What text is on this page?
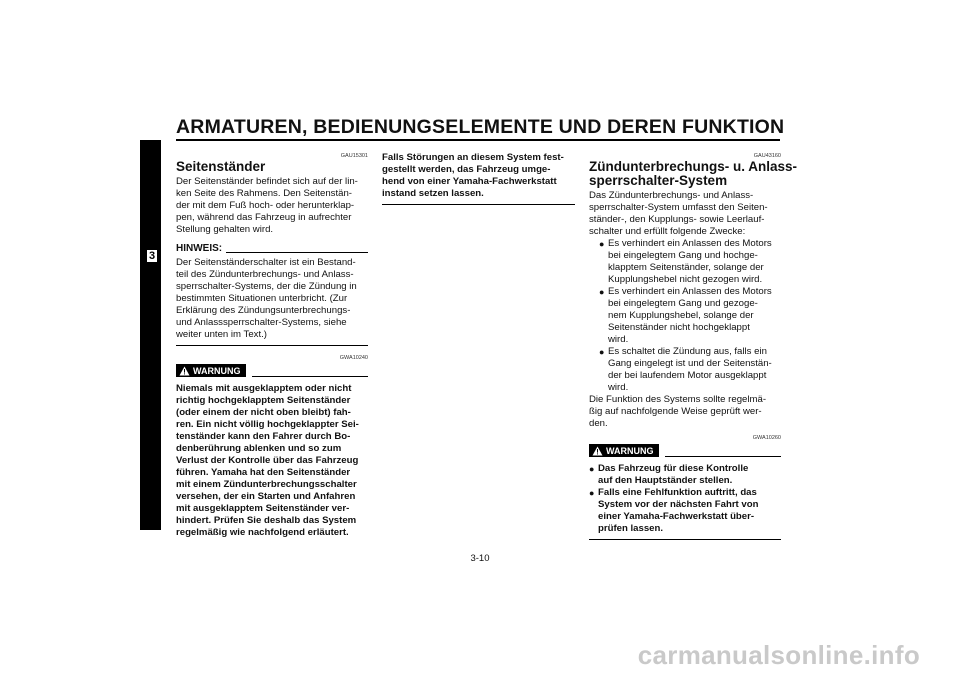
ARMATUREN, BEDIENUNGSELEMENTE UND DEREN FUNKTION
3
GAU15301
Seitenständer
Der Seitenständer befindet sich auf der lin-
ken Seite des Rahmens. Den Seitenstän-
der mit dem Fuß hoch- oder herunterklap-
pen, während das Fahrzeug in aufrechter
Stellung gehalten wird.
HINWEIS:
Der Seitenständerschalter ist ein Bestand-
teil des Zündunterbrechungs- und Anlass-
sperrschalter-Systems, der die Zündung in
bestimmten Situationen unterbricht. (Zur
Erklärung des Zündungsunterbrechungs-
und Anlasssperrschalter-Systems, siehe
weiter unten im Text.)
GWA10240
WARNUNG
Niemals mit ausgeklapptem oder nicht
richtig hochgeklapptem Seitenständer
(oder einem der nicht oben bleibt) fah-
ren. Ein nicht völlig hochgeklappter Sei-
tenständer kann den Fahrer durch Bo-
denberührung ablenken und so zum
Verlust der Kontrolle über das Fahrzeug
führen. Yamaha hat den Seitenständer
mit einem Zündunterbrechungsschalter
versehen, der ein Starten und Anfahren
mit ausgeklapptem Seitenständer ver-
hindert. Prüfen Sie deshalb das System
regelmäßig wie nachfolgend erläutert.
Falls Störungen an diesem System fest-
gestellt werden, das Fahrzeug umge-
hend von einer Yamaha-Fachwerkstatt
instand setzen lassen.
GAU43160
Zündunterbrechungs- u. Anlass-
sperrschalter-System
Das Zündunterbrechungs- und Anlass-
sperrschalter-System umfasst den Seiten-
ständer-, den Kupplungs- sowie Leerlauf-
schalter und erfüllt folgende Zwecke:
● Es verhindert ein Anlassen des Motors
bei eingelegtem Gang und hochge-
klapptem Seitenständer, solange der
Kupplungshebel nicht gezogen wird.
● Es verhindert ein Anlassen des Motors
bei eingelegtem Gang und gezoge-
nem Kupplungshebel, solange der
Seitenständer nicht hochgeklappt
wird.
● Es schaltet die Zündung aus, falls ein
Gang eingelegt ist und der Seitenstän-
der bei laufendem Motor ausgeklappt
wird.
Die Funktion des Systems sollte regelmä-
ßig auf nachfolgende Weise geprüft wer-
den.
GWA10260
WARNUNG
● Das Fahrzeug für diese Kontrolle
auf den Hauptständer stellen.
● Falls eine Fehlfunktion auftritt, das
System vor der nächsten Fahrt von
einer Yamaha-Fachwerkstatt über-
prüfen lassen.
3-10
carmanualsonline.info
